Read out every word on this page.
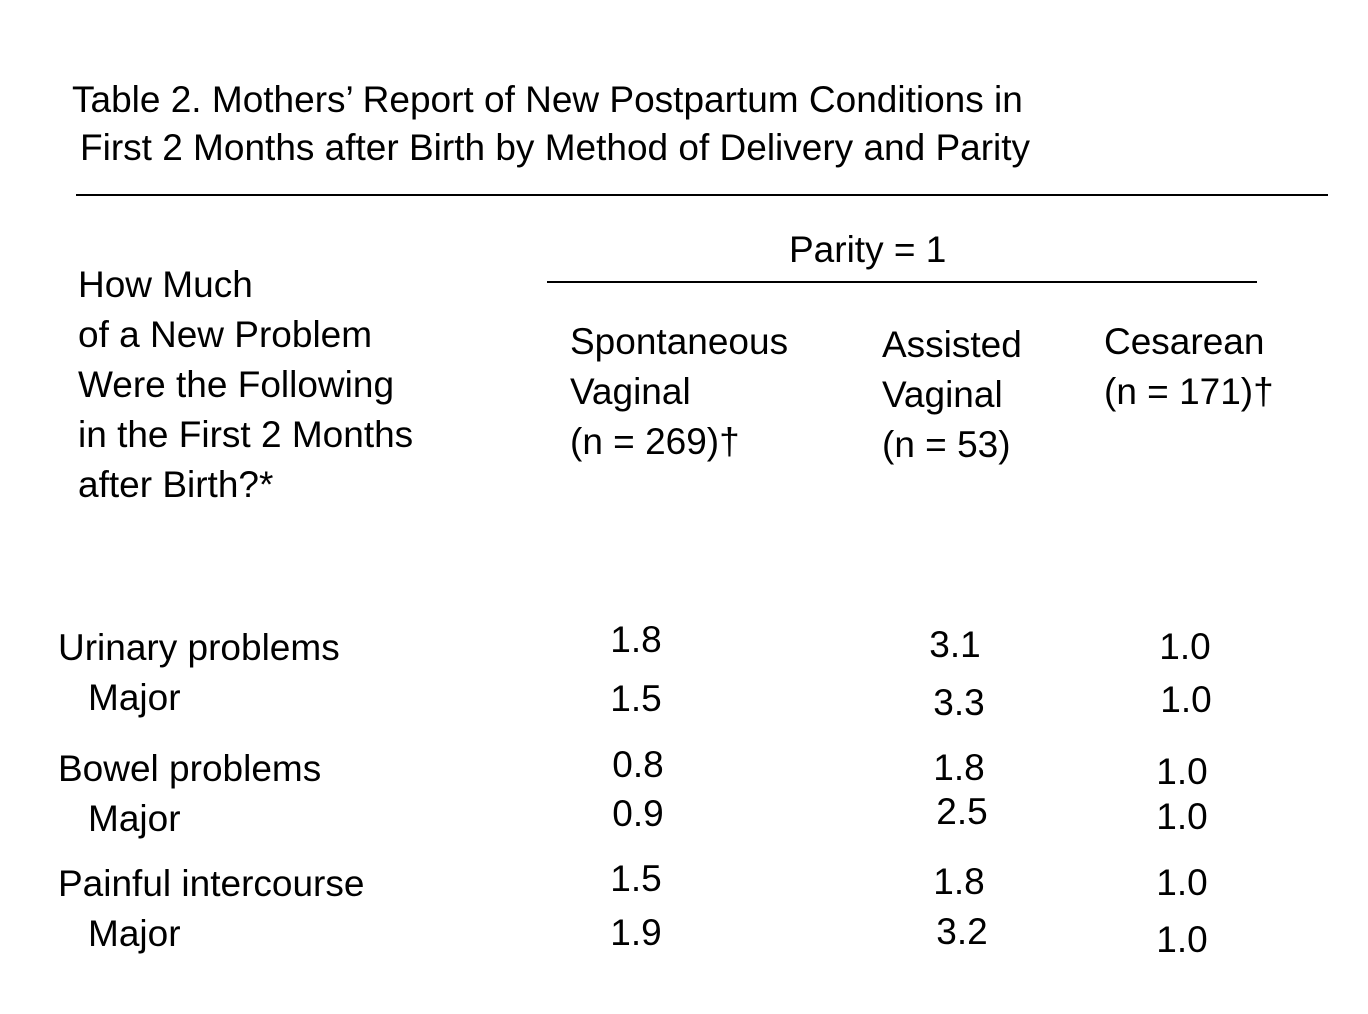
Table 2. Mothers’ Report of New Postpartum Conditions in
First 2 Months after Birth by Method of Delivery and Parity
Parity = 1
How Much
of a New Problem
Were the Following
in the First 2 Months
after Birth?*
Spontaneous
Vaginal
(n = 269)†
Assisted
Vaginal
(n = 53)
Cesarean
(n = 171)†
Urinary problems
Major
Bowel problems
Major
Painful intercourse
Major
1.8
1.5
0.8
0.9
1.5
1.9
3.1
3.3
1.8
2.5
1.8
3.2
1.0
1.0
1.0
1.0
1.0
1.0
